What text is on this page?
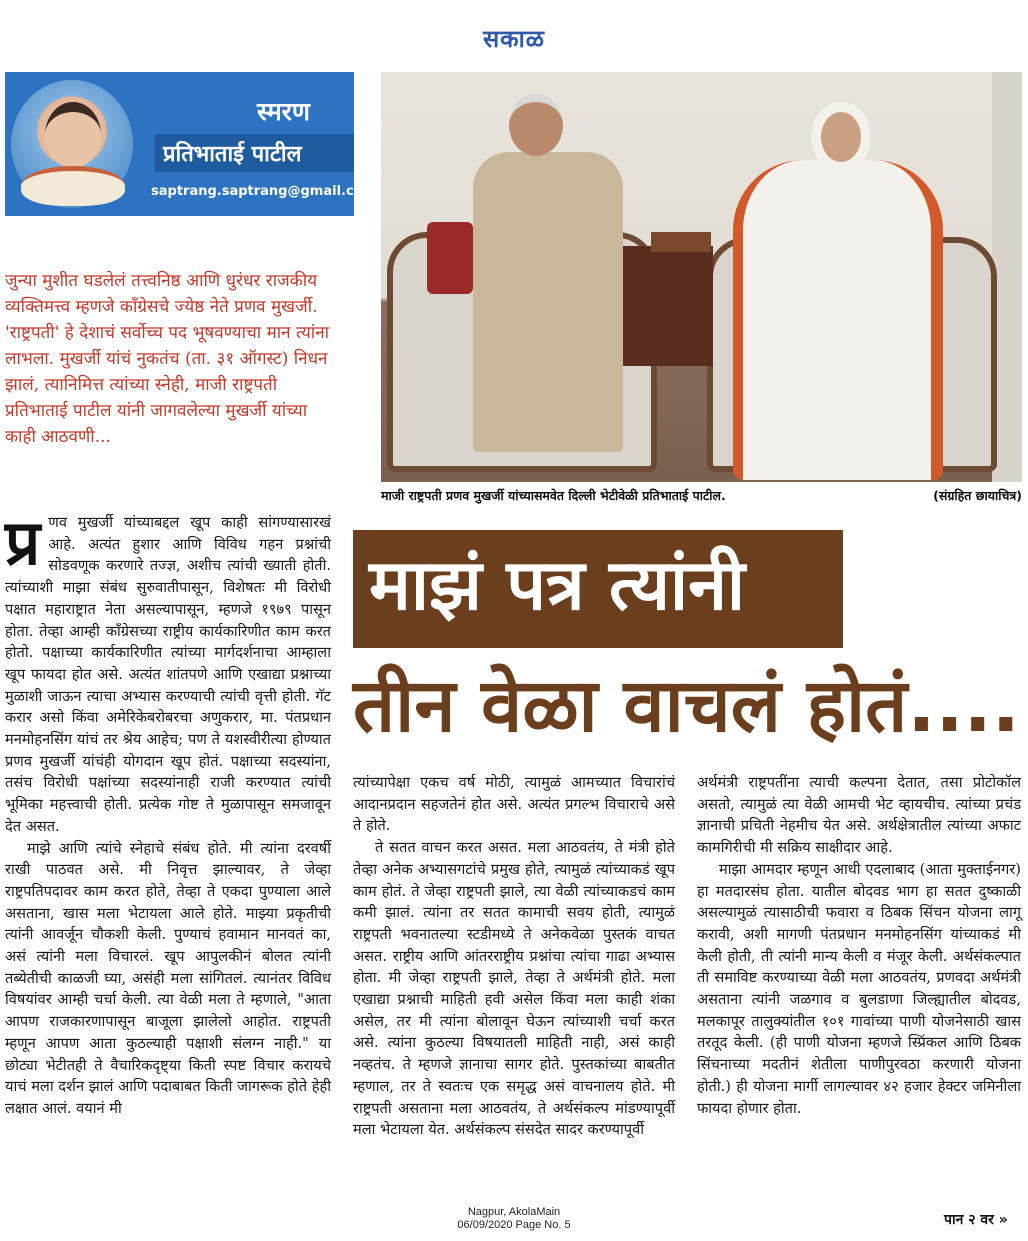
सकाळ
स्मरण
प्रतिभाताई पाटील
saptrang.saptrang@gmail.com
जुन्या मुशीत घडलेलं तत्त्वनिष्ठ आणि धुरंधर राजकीय व्यक्तिमत्त्व म्हणजे काँग्रेसचे ज्येष्ठ नेते प्रणव मुखर्जी. 'राष्ट्रपती' हे देशाचं सर्वोच्च पद भूषवण्याचा मान त्यांना लाभला. मुखर्जी यांचं नुकतंच (ता. ३१ ऑगस्ट) निधन झालं, त्यानिमित्त त्यांच्या स्नेही, माजी राष्ट्रपती प्रतिभाताई पाटील यांनी जागवलेल्या मुखर्जी यांच्या काही आठवणी...
माजी राष्ट्रपती प्रणव मुखर्जी यांच्यासमवेत दिल्ली भेटीवेळी प्रतिभाताई पाटील.	(संग्रहित छायाचित्र)
माझं पत्र त्यांनी
तीन वेळा वाचलं होतं....
प्र णव मुखर्जी यांच्याबद्दल खूप काही सांगण्यासारखं आहे. अत्यंत हुशार आणि विविध गहन प्रश्नांची सोडवणूक करणारे तज्ज्ञ, अशीच त्यांची ख्याती होती. त्यांच्याशी माझा संबंध सुरुवातीपासून, विशेषतः मी विरोधी पक्षात महाराष्ट्रात नेता असल्यापासून, म्हणजे १९७९ पासून होता. तेव्हा आम्ही काँग्रेसच्या राष्ट्रीय कार्यकारिणीत काम करत होतो. पक्षाच्या कार्यकारिणीत त्यांच्या मार्गदर्शनाचा आम्हाला खूप फायदा होत असे. अत्यंत शांतपणे आणि एखाद्या प्रश्नाच्या मुळाशी जाऊन त्याचा अभ्यास करण्याची त्यांची वृत्ती होती. गॅट करार असो किंवा अमेरिकेबरोबरचा अणुकरार, मा. पंतप्रधान मनमोहनसिंग यांचं तर श्रेय आहेच; पण ते यशस्वीरीत्या होण्यात प्रणव मुखर्जी यांचंही योगदान खूप होतं. पक्षाच्या सदस्यांना, तसंच विरोधी पक्षांच्या सदस्यांनाही राजी करण्यात त्यांची भूमिका महत्त्वाची होती. प्रत्येक गोष्ट ते मुळापासून समजावून देत असत.

माझे आणि त्यांचे स्नेहाचे संबंध होते. मी त्यांना दरवर्षी राखी पाठवत असे. मी निवृत्त झाल्यावर, ते जेव्हा राष्ट्रपतिपदावर काम करत होते, तेव्हा ते एकदा पुण्याला आले असताना, खास मला भेटायला आले होते. माझ्या प्रकृतीची त्यांनी आवर्जून चौकशी केली. पुण्याचं हवामान मानवतं का, असं त्यांनी मला विचारलं. खूप आपुलकीनं बोलत त्यांनी तब्येतीची काळजी घ्या, असंही मला सांगितलं. त्यानंतर विविध विषयांवर आम्ही चर्चा केली. त्या वेळी मला ते म्हणाले, "आता आपण राजकारणापासून बाजूला झालेलो आहोत. राष्ट्रपती म्हणून आपण आता कुठल्याही पक्षाशी संलग्न नाही." या छोट्या भेटीतही ते वैचारिकदृष्ट्या किती स्पष्ट विचार करायचे याचं मला दर्शन झालं आणि पदाबाबत किती जागरूक होते हेही लक्षात आलं. वयानं मी

त्यांच्यापेक्षा एकच वर्ष मोठी, त्यामुळं आमच्यात विचारांचं आदानप्रदान सहजतेनं होत असे. अत्यंत प्रगल्भ विचाराचे असे ते होते.

ते सतत वाचन करत असत. मला आठवतंय, ते मंत्री होते तेव्हा अनेक अभ्यासगटांचे प्रमुख होते, त्यामुळं त्यांच्याकडं खूप काम होतं. ते जेव्हा राष्ट्रपती झाले, त्या वेळी त्यांच्याकडचं काम कमी झालं. त्यांना तर सतत कामाची सवय होती, त्यामुळं राष्ट्रपती भवनातल्या स्टडीमध्ये ते अनेकवेळा पुस्तकं वाचत असत. राष्ट्रीय आणि आंतरराष्ट्रीय प्रश्नांचा त्यांचा गाढा अभ्यास होता. मी जेव्हा राष्ट्रपती झाले, तेव्हा ते अर्थमंत्री होते. मला एखाद्या प्रश्नाची माहिती हवी असेल किंवा मला काही शंका असेल, तर मी त्यांना बोलावून घेऊन त्यांच्याशी चर्चा करत असे. त्यांना कुठल्या विषयातली माहिती नाही, असं काही नव्हतंच. ते म्हणजे ज्ञानाचा सागर होते. पुस्तकांच्या बाबतीत म्हणाल, तर ते स्वतःच एक समृद्ध असं वाचनालय होते. मी राष्ट्रपती असताना मला आठवतंय, ते अर्थसंकल्प मांडण्यापूर्वी मला भेटायला येत. अर्थसंकल्प संसदेत सादर करण्यापूर्वी

अर्थमंत्री राष्ट्रपतींना त्याची कल्पना देतात, तसा प्रोटोकॉल असतो, त्यामुळं त्या वेळी आमची भेट व्हायचीच. त्यांच्या प्रचंड ज्ञानाची प्रचिती नेहमीच येत असे. अर्थक्षेत्रातील त्यांच्या अफाट कामगिरीची मी सक्रिय साक्षीदार आहे.

माझा आमदार म्हणून आधी एदलाबाद (आता मुक्ताईनगर) हा मतदारसंघ होता. यातील बोदवड भाग हा सतत दुष्काळी असल्यामुळं त्यासाठीची फवारा व ठिबक सिंचन योजना लागू करावी, अशी मागणी पंतप्रधान मनमोहनसिंग यांच्याकडं मी केली होती, ती त्यांनी मान्य केली व मंजूर केली. अर्थसंकल्पात ती समाविष्ट करण्याच्या वेळी मला आठवतंय, प्रणवदा अर्थमंत्री असताना त्यांनी जळगाव व बुलडाणा जिल्ह्यातील बोदवड, मलकापूर तालुक्यांतील १०१ गावांच्या पाणी योजनेसाठी खास तरतूद केली. (ही पाणी योजना म्हणजे स्प्रिंकल आणि ठिबक सिंचनाच्या मदतीनं शेतीला पाणीपुरवठा करणारी योजना होती.) ही योजना मार्गी लागल्यावर ४२ हजार हेक्टर जमिनीला फायदा होणार होता.

पान २ वर »
Nagpur, AkolaMain
06/09/2020 Page No. 5
